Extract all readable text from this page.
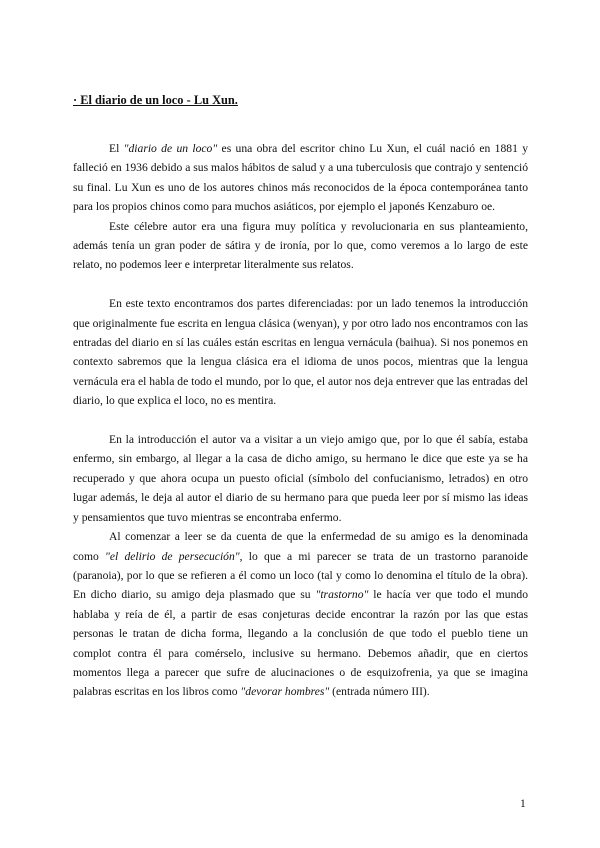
· El diario de un loco - Lu Xun.

El "diario de un loco" es una obra del escritor chino Lu Xun, el cuál nació en 1881 y falleció en 1936 debido a sus malos hábitos de salud y a una tuberculosis que contrajo y sentenció su final. Lu Xun es uno de los autores chinos más reconocidos de la época contemporánea tanto para los propios chinos como para muchos asiáticos, por ejemplo el japonés Kenzaburo oe.

Este célebre autor era una figura muy política y revolucionaria en sus planteamiento, además tenía un gran poder de sátira y de ironía, por lo que, como veremos a lo largo de este relato, no podemos leer e interpretar literalmente sus relatos.

En este texto encontramos dos partes diferenciadas: por un lado tenemos la introducción que originalmente fue escrita en lengua clásica (wenyan), y por otro lado nos encontramos con las entradas del diario en sí las cuáles están escritas en lengua vernácula (baihua). Si nos ponemos en contexto sabremos que la lengua clásica era el idioma de unos pocos, mientras que la lengua vernácula era el habla de todo el mundo, por lo que, el autor nos deja entrever que las entradas del diario, lo que explica el loco, no es mentira.

En la introducción el autor va a visitar a un viejo amigo que, por lo que él sabía, estaba enfermo, sin embargo, al llegar a la casa de dicho amigo, su hermano le dice que este ya se ha recuperado y que ahora ocupa un puesto oficial (símbolo del confucianismo, letrados) en otro lugar además, le deja al autor el diario de su hermano para que pueda leer por sí mismo las ideas y pensamientos que tuvo mientras se encontraba enfermo.

Al comenzar a leer se da cuenta de que la enfermedad de su amigo es la denominada como "el delirio de persecución", lo que a mi parecer se trata de un trastorno paranoide (paranoia), por lo que se refieren a él como un loco (tal y como lo denomina el título de la obra). En dicho diario, su amigo deja plasmado que su "trastorno" le hacía ver que todo el mundo hablaba y reía de él, a partir de esas conjeturas decide encontrar la razón por las que estas personas le tratan de dicha forma, llegando a la conclusión de que todo el pueblo tiene un complot contra él para comérselo, inclusive su hermano. Debemos añadir, que en ciertos momentos llega a parecer que sufre de alucinaciones o de esquizofrenia, ya que se imagina palabras escritas en los libros como "devorar hombres" (entrada número III).

1
